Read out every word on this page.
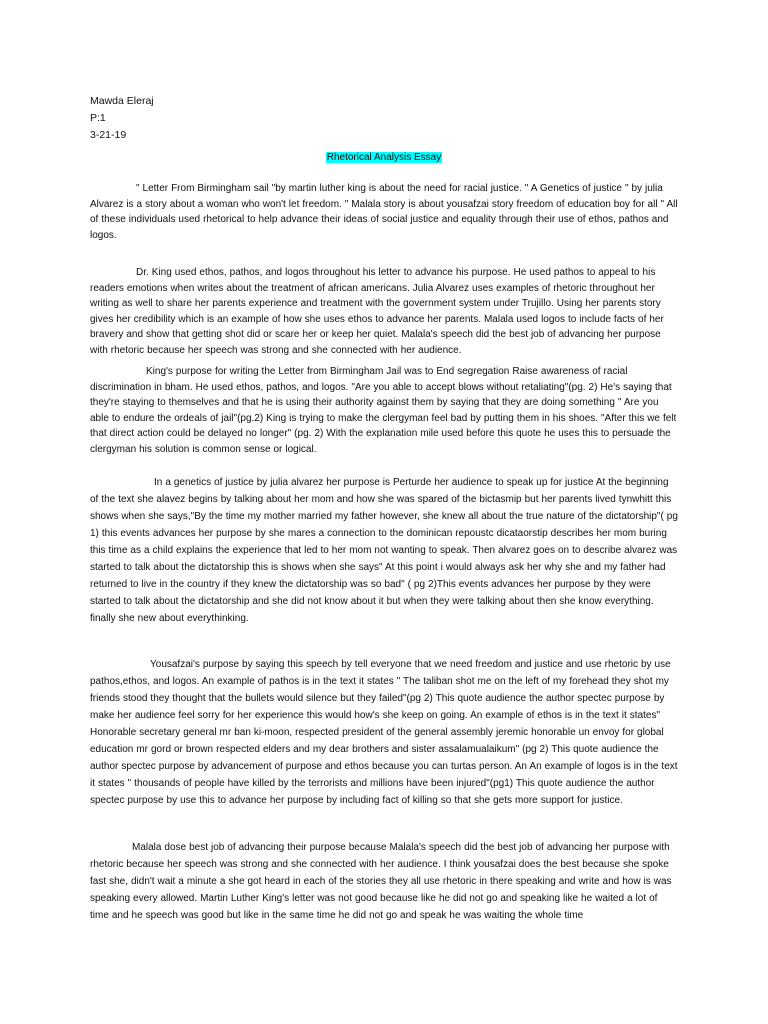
Mawda Eleraj
P:1
3-21-19
Rhetorical Analysis Essay

" Letter From Birmingham sail "by martin luther king is about the need for racial justice. " A Genetics of justice " by julia Alvarez is a story about a woman who won't let freedom. " Malala story is about yousafzai story freedom of education boy for all " All of these individuals used rhetorical to help advance their ideas of social justice and equality through their use of ethos, pathos and logos.

Dr. King used ethos, pathos, and logos throughout his letter to advance his purpose. He used pathos to appeal to his readers emotions when writes about the treatment of african americans. Julia Alvarez uses examples of rhetoric throughout her writing as well to share her parents experience and treatment with the government system under Trujillo. Using her parents story gives her credibility which is an example of how she uses ethos to advance her parents. Malala used logos to include facts of her bravery and show that getting shot did or scare her or keep her quiet. Malala's speech did the best job of advancing her purpose with rhetoric because her speech was strong and she connected with her audience.

King's purpose for writing the Letter from Birmingham Jail was to End segregation Raise awareness of racial discrimination in bham. He used ethos, pathos, and logos. "Are you able to accept blows without retaliating"(pg. 2) He's saying that they're staying to themselves and that he is using their authority against them by saying that they are doing something " Are you able to endure the ordeals of jail"(pg.2) King is trying to make the clergyman feel bad by putting them in his shoes. "After this we felt that direct action could be delayed no longer" (pg. 2) With the explanation mile used before this quote he uses this to persuade the clergyman his solution is common sense or logical.

In a genetics of justice by julia alvarez her purpose is Perturde her audience to speak up for justice At the beginning of the text she alavez begins by talking about her mom and how she was spared of the bictasmip but her parents lived tynwhitt this shows when she says,"By the time my mother married my father however, she knew all about the true nature of the dictatorship"( pg 1) this events advances her purpose by she mares a connection to the dominican repoustc dicataorstip describes her mom buring this time as a child explains the experience that led to her mom not wanting to speak. Then alvarez goes on to describe alvarez was started to talk about the dictatorship this is shows when she says" At this point i would always ask her why she and my father had returned to live in the country if they knew the dictatorship was so bad" ( pg 2)This events advances her purpose by they were started to talk about the dictatorship and she did not know about it but when they were talking about then she know everything. finally she new about everythinking.

Yousafzai's purpose by saying this speech by tell everyone that we need freedom and justice and use rhetoric by use pathos,ethos, and logos. An example of pathos is in the text it states " The taliban shot me on the left of my forehead they shot my friends stood they thought that the bullets would silence but they failed"(pg 2) This quote audience the author spectec purpose by make her audience feel sorry for her experience this would how's she keep on going. An example of ethos is in the text it states" Honorable secretary general mr ban ki-moon, respected president of the general assembly jeremic honorable un envoy for global education mr gord or brown respected elders and my dear brothers and sister assalamualaikum" (pg 2) This quote audience the author spectec purpose by advancement of purpose and ethos because you can turtas person. An An example of logos is in the text it states " thousands of people have killed by the terrorists and millions have been injured"(pg1) This quote audience the author spectec purpose by use this to advance her purpose by including fact of killing so that she gets more support for justice.

Malala dose best job of advancing their purpose because Malala's speech did the best job of advancing her purpose with rhetoric because her speech was strong and she connected with her audience. I think yousafzai does the best because she spoke fast she, didn't wait a minute a she got heard in each of the stories they all use rhetoric in there speaking and write and how is was speaking every allowed. Martin Luther King's letter was not good because like he did not go and speaking like he waited a lot of time and he speech was good but like in the same time he did not go and speak he was waiting the whole time
